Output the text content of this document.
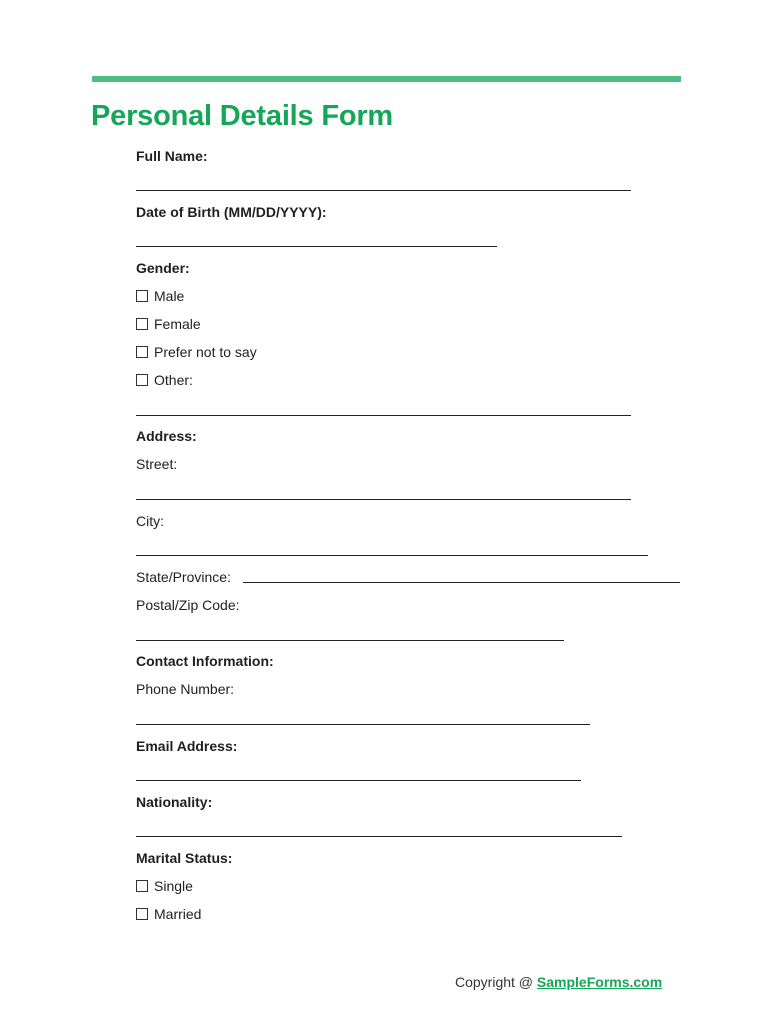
Personal Details Form
Full Name:
Date of Birth (MM/DD/YYYY):
Gender:
Male
Female
Prefer not to say
Other:
Address:
Street:
City:
State/Province:
Postal/Zip Code:
Contact Information:
Phone Number:
Email Address:
Nationality:
Marital Status:
Single
Married
Copyright @ SampleForms.com
